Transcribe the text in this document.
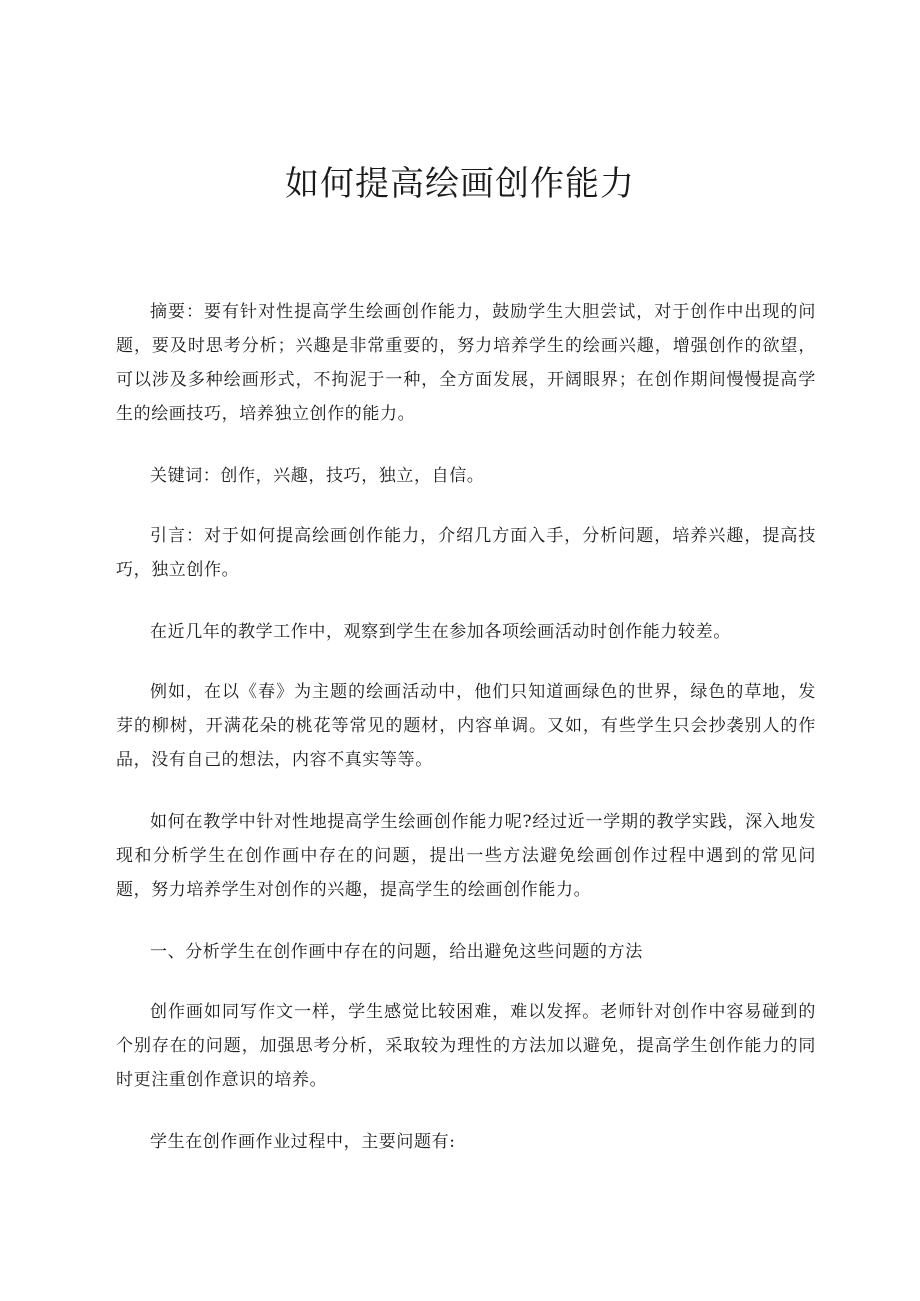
如何提高绘画创作能力

摘要：要有针对性提高学生绘画创作能力，鼓励学生大胆尝试，对于创作中出现的问题，要及时思考分析；兴趣是非常重要的，努力培养学生的绘画兴趣，增强创作的欲望，可以涉及多种绘画形式，不拘泥于一种，全方面发展，开阔眼界；在创作期间慢慢提高学生的绘画技巧，培养独立创作的能力。

关键词：创作，兴趣，技巧，独立，自信。

引言：对于如何提高绘画创作能力，介绍几方面入手，分析问题，培养兴趣，提高技巧，独立创作。

在近几年的教学工作中，观察到学生在参加各项绘画活动时创作能力较差。

例如，在以《春》为主题的绘画活动中，他们只知道画绿色的世界，绿色的草地，发芽的柳树，开满花朵的桃花等常见的题材，内容单调。又如，有些学生只会抄袭别人的作品，没有自己的想法，内容不真实等等。

如何在教学中针对性地提高学生绘画创作能力呢?经过近一学期的教学实践，深入地发现和分析学生在创作画中存在的问题，提出一些方法避免绘画创作过程中遇到的常见问题，努力培养学生对创作的兴趣，提高学生的绘画创作能力。

一、分析学生在创作画中存在的问题，给出避免这些问题的方法

创作画如同写作文一样，学生感觉比较困难，难以发挥。老师针对创作中容易碰到的个别存在的问题，加强思考分析，采取较为理性的方法加以避免，提高学生创作能力的同时更注重创作意识的培养。

学生在创作画作业过程中，主要问题有:
